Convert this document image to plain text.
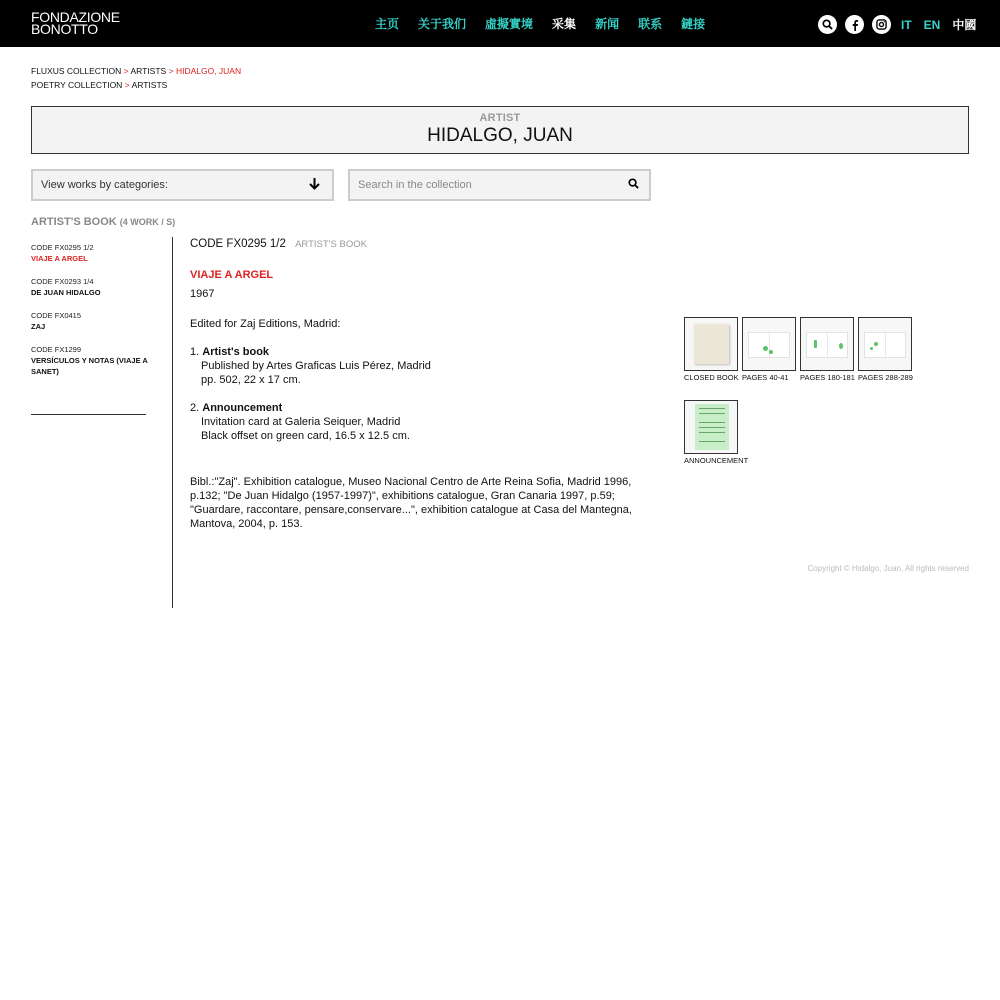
FONDAZIONE
BONOTTO	主页 关于我们 虛擬實境 采集 新闻 联系 鏈接	IT EN 中國
FLUXUS COLLECTION > ARTISTS > HIDALGO, JUAN
POETRY COLLECTION > ARTISTS
ARTIST
HIDALGO, JUAN
View works by categories:
Search in the collection
ARTIST'S BOOK (4 WORK / S)
CODE FX0295 1/2
VIAJE A ARGEL
CODE FX0293 1/4
DE JUAN HIDALGO
CODE FX0415
ZAJ
CODE FX1299
VERSÍCULOS Y NOTAS (VIAJE A SANET)
CODE FX0295 1/2 ARTIST'S BOOK
VIAJE A ARGEL
1967
Edited for Zaj Editions, Madrid:
1. Artist's book
Published by Artes Graficas Luis Pérez, Madrid
pp. 502, 22 x 17 cm.
2. Announcement
Invitation card at Galeria Seiquer, Madrid
Black offset on green card, 16.5 x 12.5 cm.
Bibl.:"Zaj". Exhibition catalogue, Museo Nacional Centro de Arte Reina Sofia, Madrid 1996, p.132; "De Juan Hidalgo (1957-1997)", exhibitions catalogue, Gran Canaria 1997, p.59; "Guardare, raccontare, pensare,conservare...", exhibition catalogue at Casa del Mantegna, Mantova, 2004, p. 153.
CLOSED BOOK PAGES 40-41	PAGES 180-181 PAGES 288-289
ANNOUNCEMENT
Copyright © Hidalgo, Juan, All rights reserved
